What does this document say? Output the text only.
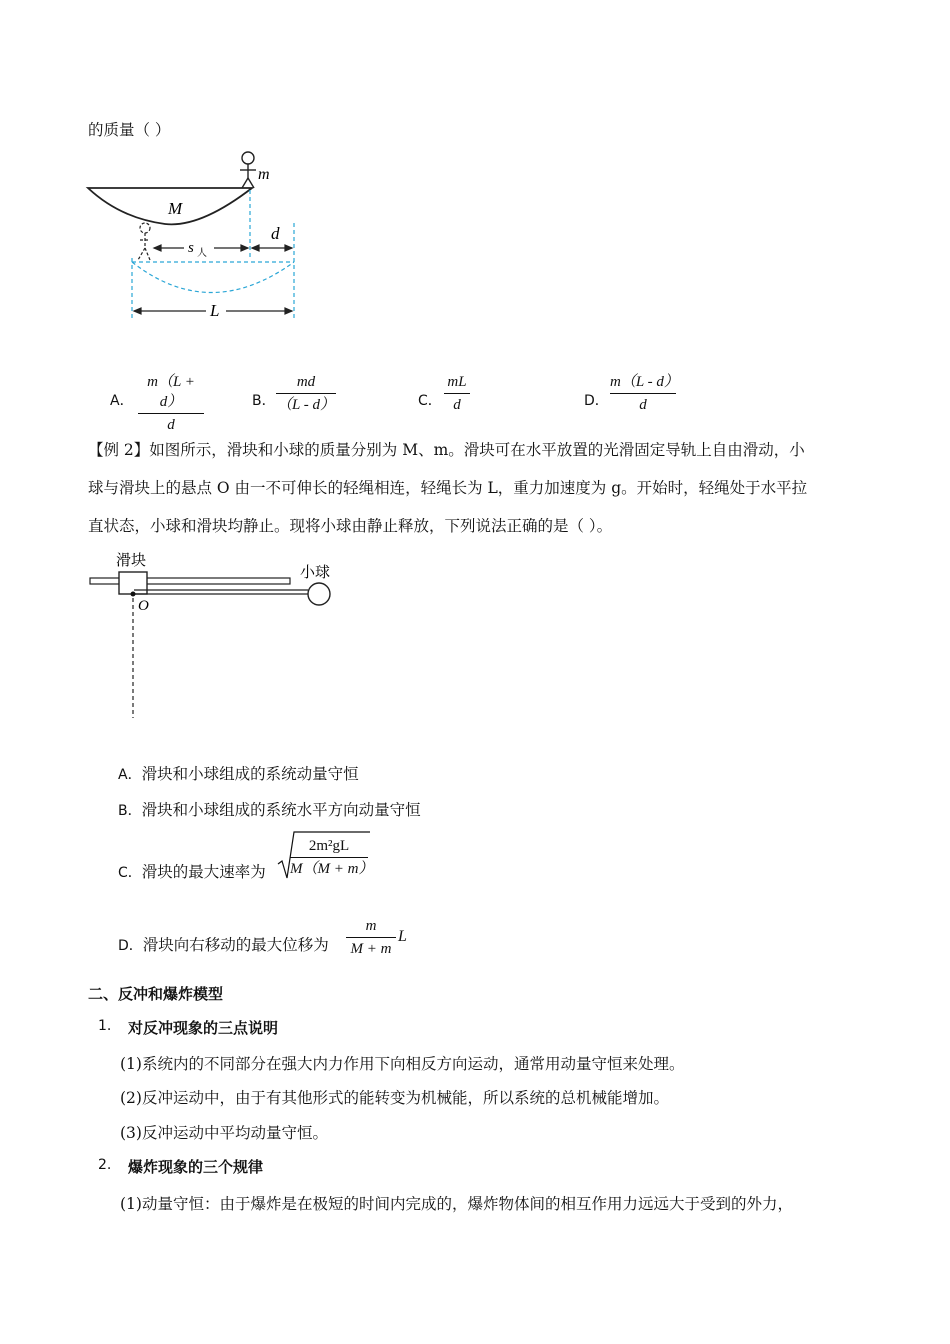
的质量（ ）
m
M
s 人
d
L
A．
m（L + d）
d
B．
md
（L - d）	C．
mL
d	D．
m（L - d）
d
【例 2】如图所示，滑块和小球的质量分别为 M、m。滑块可在水平放置的光滑固定导轨上自由滑动，小
球与滑块上的悬点 O 由一不可伸长的轻绳相连，轻绳长为 L，重力加速度为 g。开始时，轻绳处于水平拉
直状态，小球和滑块均静止。现将小球由静止释放，下列说法正确的是（ ）。
滑块
小球
O
A．滑块和小球组成的系统动量守恒
B．滑块和小球组成的系统水平方向动量守恒
C．滑块的最大速率为
2m²gL
M（M + m）
D．滑块向右移动的最大位移为
m
M + m
L
二、反冲和爆炸模型
1. 对反冲现象的三点说明
(1)系统内的不同部分在强大内力作用下向相反方向运动，通常用动量守恒来处理。
(2)反冲运动中，由于有其他形式的能转变为机械能，所以系统的总机械能增加。
(3)反冲运动中平均动量守恒。
2. 爆炸现象的三个规律
(1)动量守恒：由于爆炸是在极短的时间内完成的，爆炸物体间的相互作用力远远大于受到的外力，
